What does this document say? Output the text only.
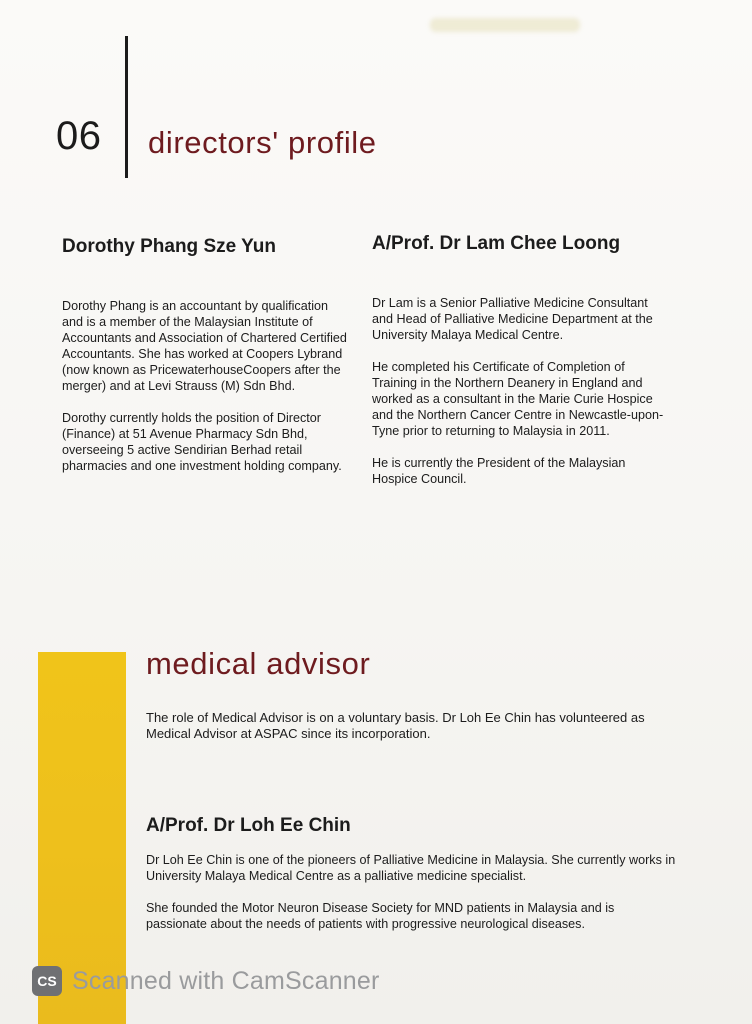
06 directors' profile
Dorothy Phang Sze Yun

Dorothy Phang is an accountant by qualification and is a member of the Malaysian Institute of Accountants and Association of Chartered Certified Accountants. She has worked at Coopers Lybrand (now known as PricewaterhouseCoopers after the merger) and at Levi Strauss (M) Sdn Bhd.

Dorothy currently holds the position of Director (Finance) at 51 Avenue Pharmacy Sdn Bhd, overseeing 5 active Sendirian Berhad retail pharmacies and one investment holding company.

A/Prof. Dr Lam Chee Loong

Dr Lam is a Senior Palliative Medicine Consultant and Head of Palliative Medicine Department at the University Malaya Medical Centre.

He completed his Certificate of Completion of Training in the Northern Deanery in England and worked as a consultant in the Marie Curie Hospice and the Northern Cancer Centre in Newcastle-upon-Tyne prior to returning to Malaysia in 2011.

He is currently the President of the Malaysian Hospice Council.

medical advisor
The role of Medical Advisor is on a voluntary basis. Dr Loh Ee Chin has volunteered as Medical Advisor at ASPAC since its incorporation.
A/Prof. Dr Loh Ee Chin

Dr Loh Ee Chin is one of the pioneers of Palliative Medicine in Malaysia. She currently works in University Malaya Medical Centre as a palliative medicine specialist.

She founded the Motor Neuron Disease Society for MND patients in Malaysia and is passionate about the needs of patients with progressive neurological diseases.

CS Scanned with CamScanner
